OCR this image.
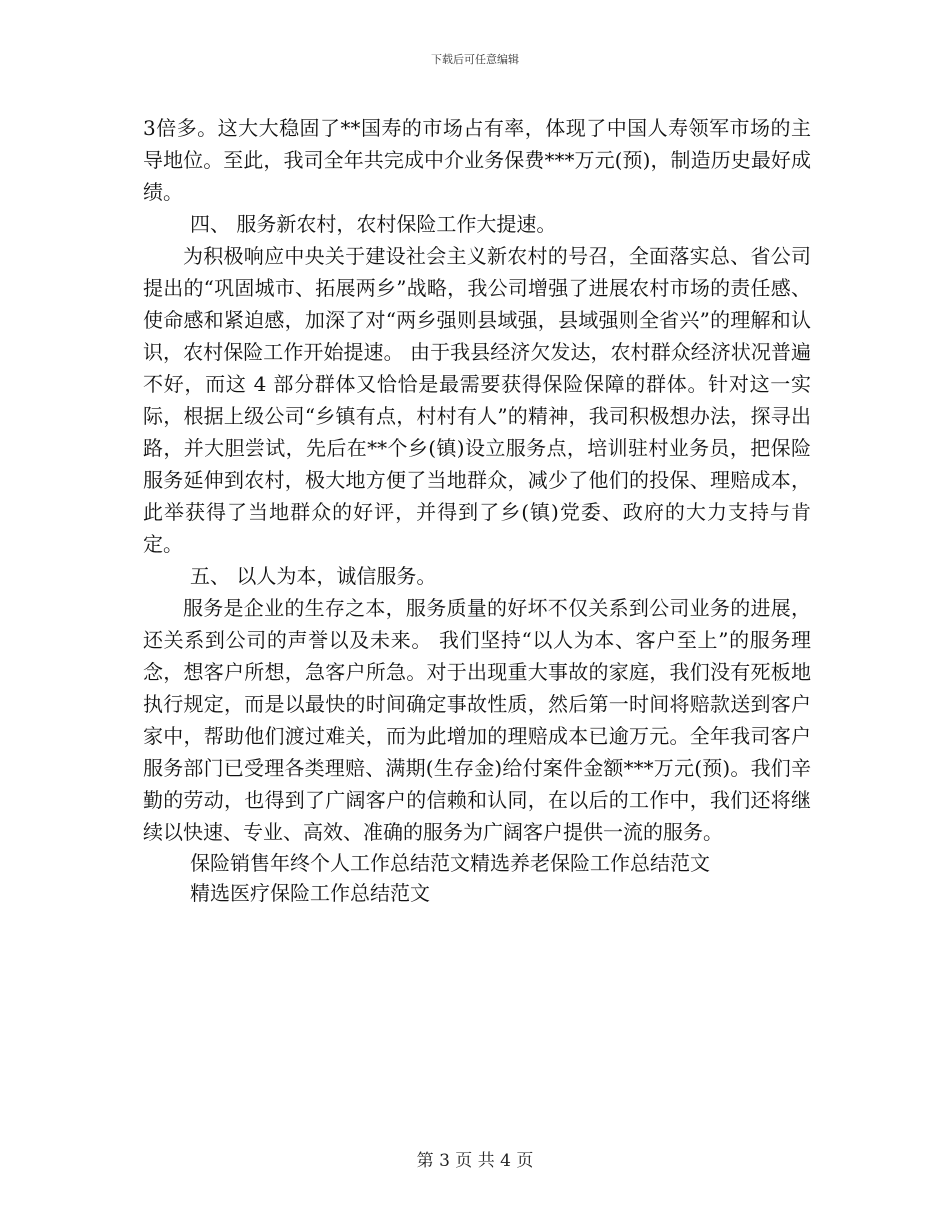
下载后可任意编辑

3倍多。这大大稳固了**国寿的市场占有率，体现了中国人寿领军市场的主导地位。至此，我司全年共完成中介业务保费***万元(预)，制造历史最好成绩。

四、 服务新农村，农村保险工作大提速。

为积极响应中央关于建设社会主义新农村的号召，全面落实总、省公司提出的“巩固城市、拓展两乡”战略，我公司增强了进展农村市场的责任感、使命感和紧迫感，加深了对“两乡强则县域强，县域强则全省兴”的理解和认识，农村保险工作开始提速。 由于我县经济欠发达，农村群众经济状况普遍不好，而这 4 部分群体又恰恰是最需要获得保险保障的群体。针对这一实际，根据上级公司“乡镇有点，村村有人”的精神，我司积极想办法，探寻出路，并大胆尝试，先后在**个乡(镇)设立服务点，培训驻村业务员，把保险服务延伸到农村，极大地方便了当地群众，减少了他们的投保、理赔成本，此举获得了当地群众的好评，并得到了乡(镇)党委、政府的大力支持与肯定。

五、 以人为本，诚信服务。

服务是企业的生存之本，服务质量的好坏不仅关系到公司业务的进展，还关系到公司的声誉以及未来。 我们坚持“以人为本、客户至上”的服务理念，想客户所想，急客户所急。对于出现重大事故的家庭，我们没有死板地执行规定，而是以最快的时间确定事故性质，然后第一时间将赔款送到客户家中，帮助他们渡过难关，而为此增加的理赔成本已逾万元。全年我司客户服务部门已受理各类理赔、满期(生存金)给付案件金额***万元(预)。我们辛勤的劳动，也得到了广阔客户的信赖和认同，在以后的工作中，我们还将继续以快速、专业、高效、准确的服务为广阔客户提供一流的服务。

保险销售年终个人工作总结范文精选养老保险工作总结范文

精选医疗保险工作总结范文

第 3 页 共 4 页
